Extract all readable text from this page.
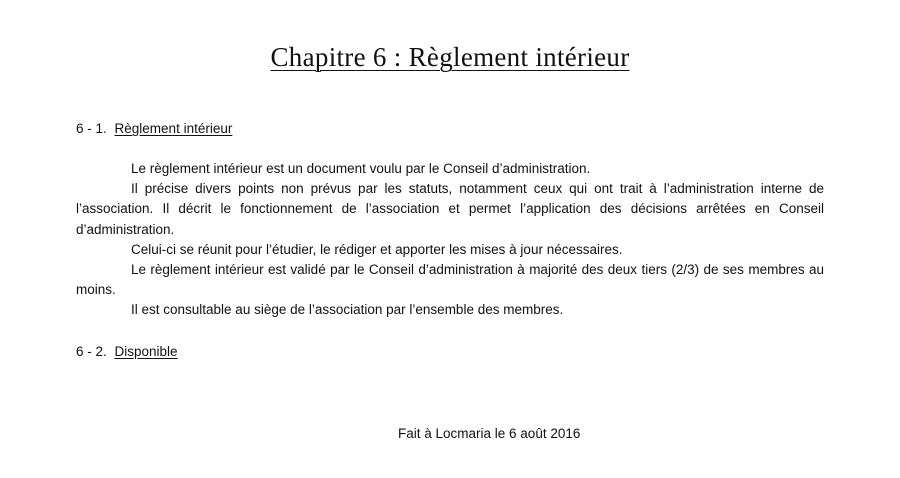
Chapitre 6 : Règlement intérieur
6 - 1. Règlement intérieur

Le règlement intérieur est un document voulu par le Conseil d’administration.

Il précise divers points non prévus par les statuts, notamment ceux qui ont trait à l’administration interne de l’association. Il décrit le fonctionnement de l’association et permet l’application des décisions arrêtées en Conseil d’administration.

Celui-ci se réunit pour l’étudier, le rédiger et apporter les mises à jour nécessaires.

Le règlement intérieur est validé par le Conseil d’administration à majorité des deux tiers (2/3) de ses membres au moins.

Il est consultable au siège de l’association par l’ensemble des membres.

6 - 2. Disponible
Fait à Locmaria le 6 août 2016
